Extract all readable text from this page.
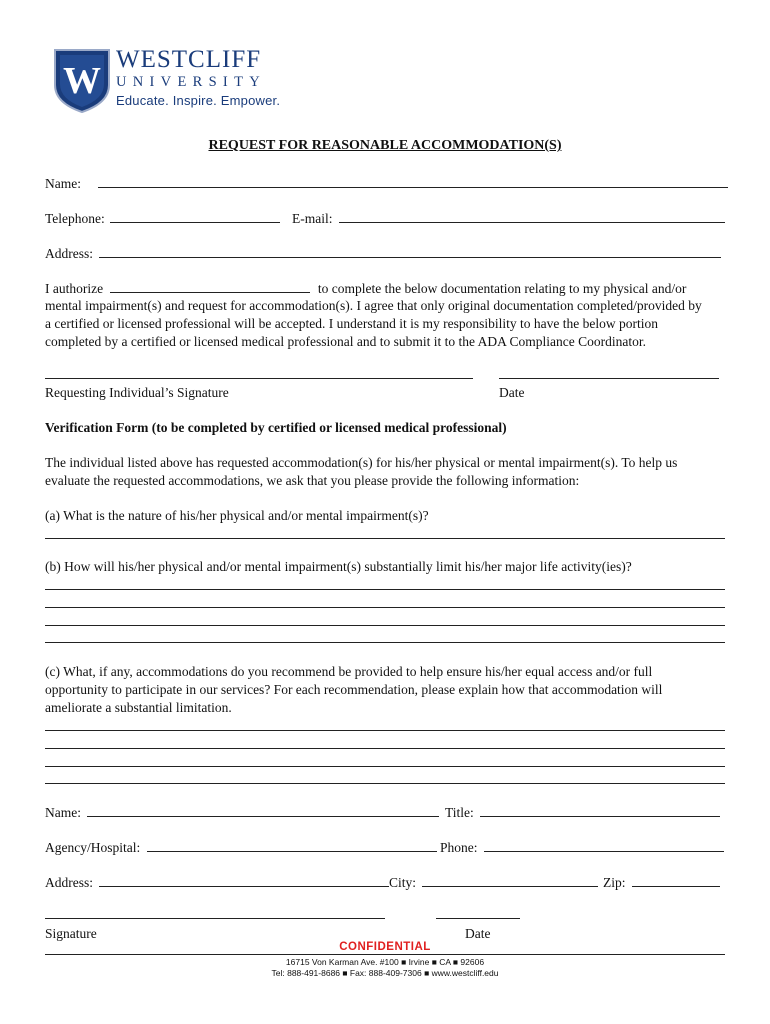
W
WESTCLIFF
UNIVERSITY
Educate. Inspire. Empower.
REQUEST FOR REASONABLE ACCOMMODATION(S)
Name:
Telephone:	E-mail:
Address:
I authorize	to complete the below documentation relating to my physical and/or
mental impairment(s) and request for accommodation(s). I agree that only original documentation completed/provided by
a certified or licensed professional will be accepted. I understand it is my responsibility to have the below portion
completed by a certified or licensed medical professional and to submit it to the ADA Compliance Coordinator.
Requesting Individual’s Signature	Date
Verification Form (to be completed by certified or licensed medical professional)
The individual listed above has requested accommodation(s) for his/her physical or mental impairment(s). To help us
evaluate the requested accommodations, we ask that you please provide the following information:
(a) What is the nature of his/her physical and/or mental impairment(s)?
(b) How will his/her physical and/or mental impairment(s) substantially limit his/her major life activity(ies)?
(c) What, if any, accommodations do you recommend be provided to help ensure his/her equal access and/or full
opportunity to participate in our services? For each recommendation, please explain how that accommodation will
ameliorate a substantial limitation.
Name:	Title:
Agency/Hospital:	Phone:
Address:	City:	Zip:
Signature	Date
CONFIDENTIAL
16715 Von Karman Ave. #100 ■ Irvine ■ CA ■ 92606
Tel: 888-491-8686 ■ Fax: 888-409-7306 ■ www.westcliff.edu
